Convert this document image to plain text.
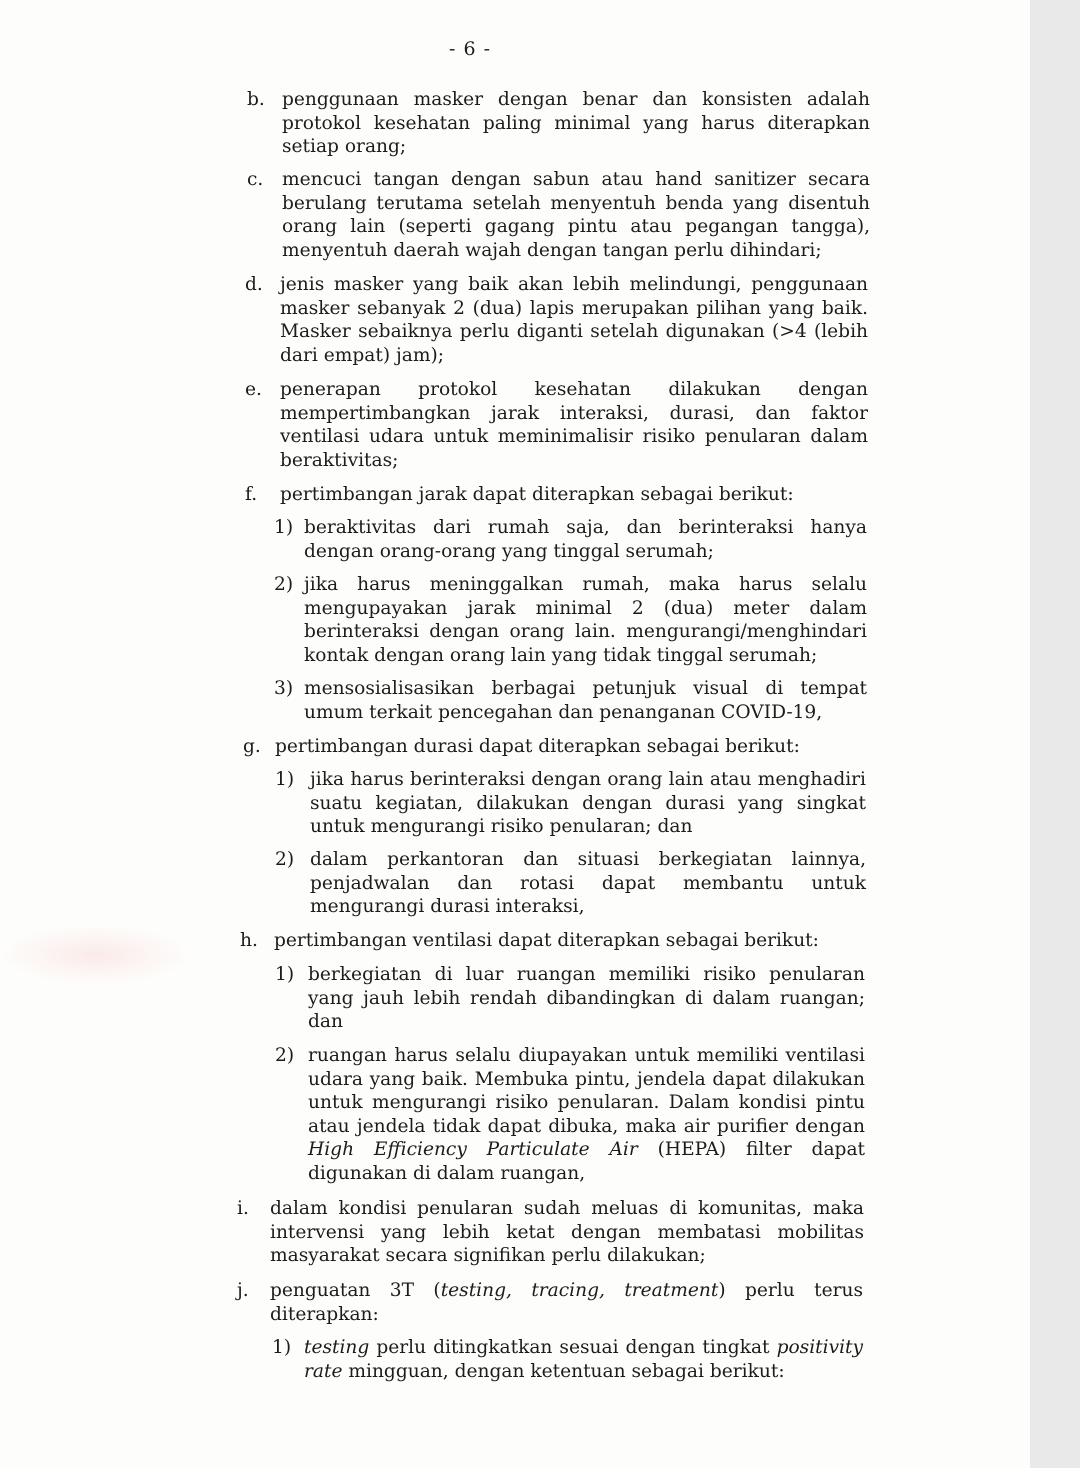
- 6 -
b. penggunaan masker dengan benar dan konsisten adalah protokol kesehatan paling minimal yang harus diterapkan setiap orang;
c. mencuci tangan dengan sabun atau hand sanitizer secara berulang terutama setelah menyentuh benda yang disentuh orang lain (seperti gagang pintu atau pegangan tangga), menyentuh daerah wajah dengan tangan perlu dihindari;
d. jenis masker yang baik akan lebih melindungi, penggunaan masker sebanyak 2 (dua) lapis merupakan pilihan yang baik. Masker sebaiknya perlu diganti setelah digunakan (>4 (lebih dari empat) jam);
e. penerapan protokol kesehatan dilakukan dengan mempertimbangkan jarak interaksi, durasi, dan faktor ventilasi udara untuk meminimalisir risiko penularan dalam beraktivitas;
f. pertimbangan jarak dapat diterapkan sebagai berikut:
1) beraktivitas dari rumah saja, dan berinteraksi hanya dengan orang-orang yang tinggal serumah;
2) jika harus meninggalkan rumah, maka harus selalu mengupayakan jarak minimal 2 (dua) meter dalam berinteraksi dengan orang lain. mengurangi/menghindari kontak dengan orang lain yang tidak tinggal serumah;
3) mensosialisasikan berbagai petunjuk visual di tempat umum terkait pencegahan dan penanganan COVID-19,
g. pertimbangan durasi dapat diterapkan sebagai berikut:
1) jika harus berinteraksi dengan orang lain atau menghadiri suatu kegiatan, dilakukan dengan durasi yang singkat untuk mengurangi risiko penularan; dan
2) dalam perkantoran dan situasi berkegiatan lainnya, penjadwalan dan rotasi dapat membantu untuk mengurangi durasi interaksi,
h. pertimbangan ventilasi dapat diterapkan sebagai berikut:
1) berkegiatan di luar ruangan memiliki risiko penularan yang jauh lebih rendah dibandingkan di dalam ruangan; dan
2) ruangan harus selalu diupayakan untuk memiliki ventilasi udara yang baik. Membuka pintu, jendela dapat dilakukan untuk mengurangi risiko penularan. Dalam kondisi pintu atau jendela tidak dapat dibuka, maka air purifier dengan High Efficiency Particulate Air (HEPA) filter dapat digunakan di dalam ruangan,
i. dalam kondisi penularan sudah meluas di komunitas, maka intervensi yang lebih ketat dengan membatasi mobilitas masyarakat secara signifikan perlu dilakukan;
j. penguatan 3T (testing, tracing, treatment) perlu terus diterapkan:
1) testing perlu ditingkatkan sesuai dengan tingkat positivity rate mingguan, dengan ketentuan sebagai berikut:
